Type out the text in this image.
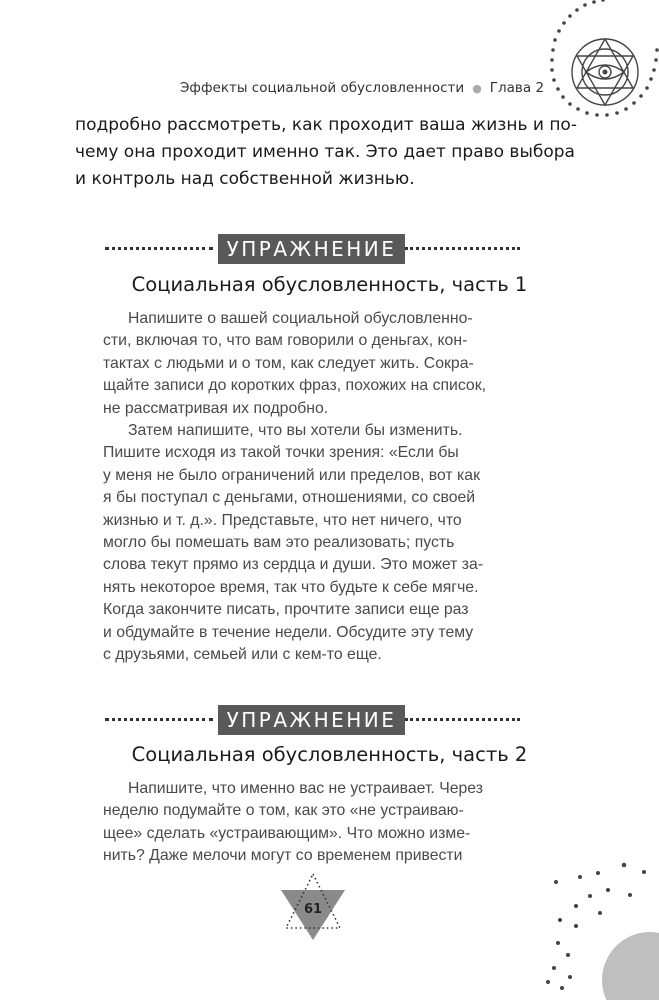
Эффекты социальной обусловленности ● Глава 2
подробно рассмотреть, как проходит ваша жизнь и по-
чему она проходит именно так. Это дает право выбора
и контроль над собственной жизнью.
УПРАЖНЕНИЕ
Социальная обусловленность, часть 1
Напишите о вашей социальной обусловленно-
сти, включая то, что вам говорили о деньгах, кон-
тактах с людьми и о том, как следует жить. Сокра-
щайте записи до коротких фраз, похожих на список,
не рассматривая их подробно.
Затем напишите, что вы хотели бы изменить.
Пишите исходя из такой точки зрения: «Если бы
у меня не было ограничений или пределов, вот как
я бы поступал с деньгами, отношениями, со своей
жизнью и т. д.». Представьте, что нет ничего, что
могло бы помешать вам это реализовать; пусть
слова текут прямо из сердца и души. Это может за-
нять некоторое время, так что будьте к себе мягче.
Когда закончите писать, прочтите записи еще раз
и обдумайте в течение недели. Обсудите эту тему
с друзьями, семьей или с кем-то еще.
УПРАЖНЕНИЕ
Социальная обусловленность, часть 2
Напишите, что именно вас не устраивает. Через
неделю подумайте о том, как это «не устраиваю-
щее» сделать «устраивающим». Что можно изме-
нить? Даже мелочи могут со временем привести
61
